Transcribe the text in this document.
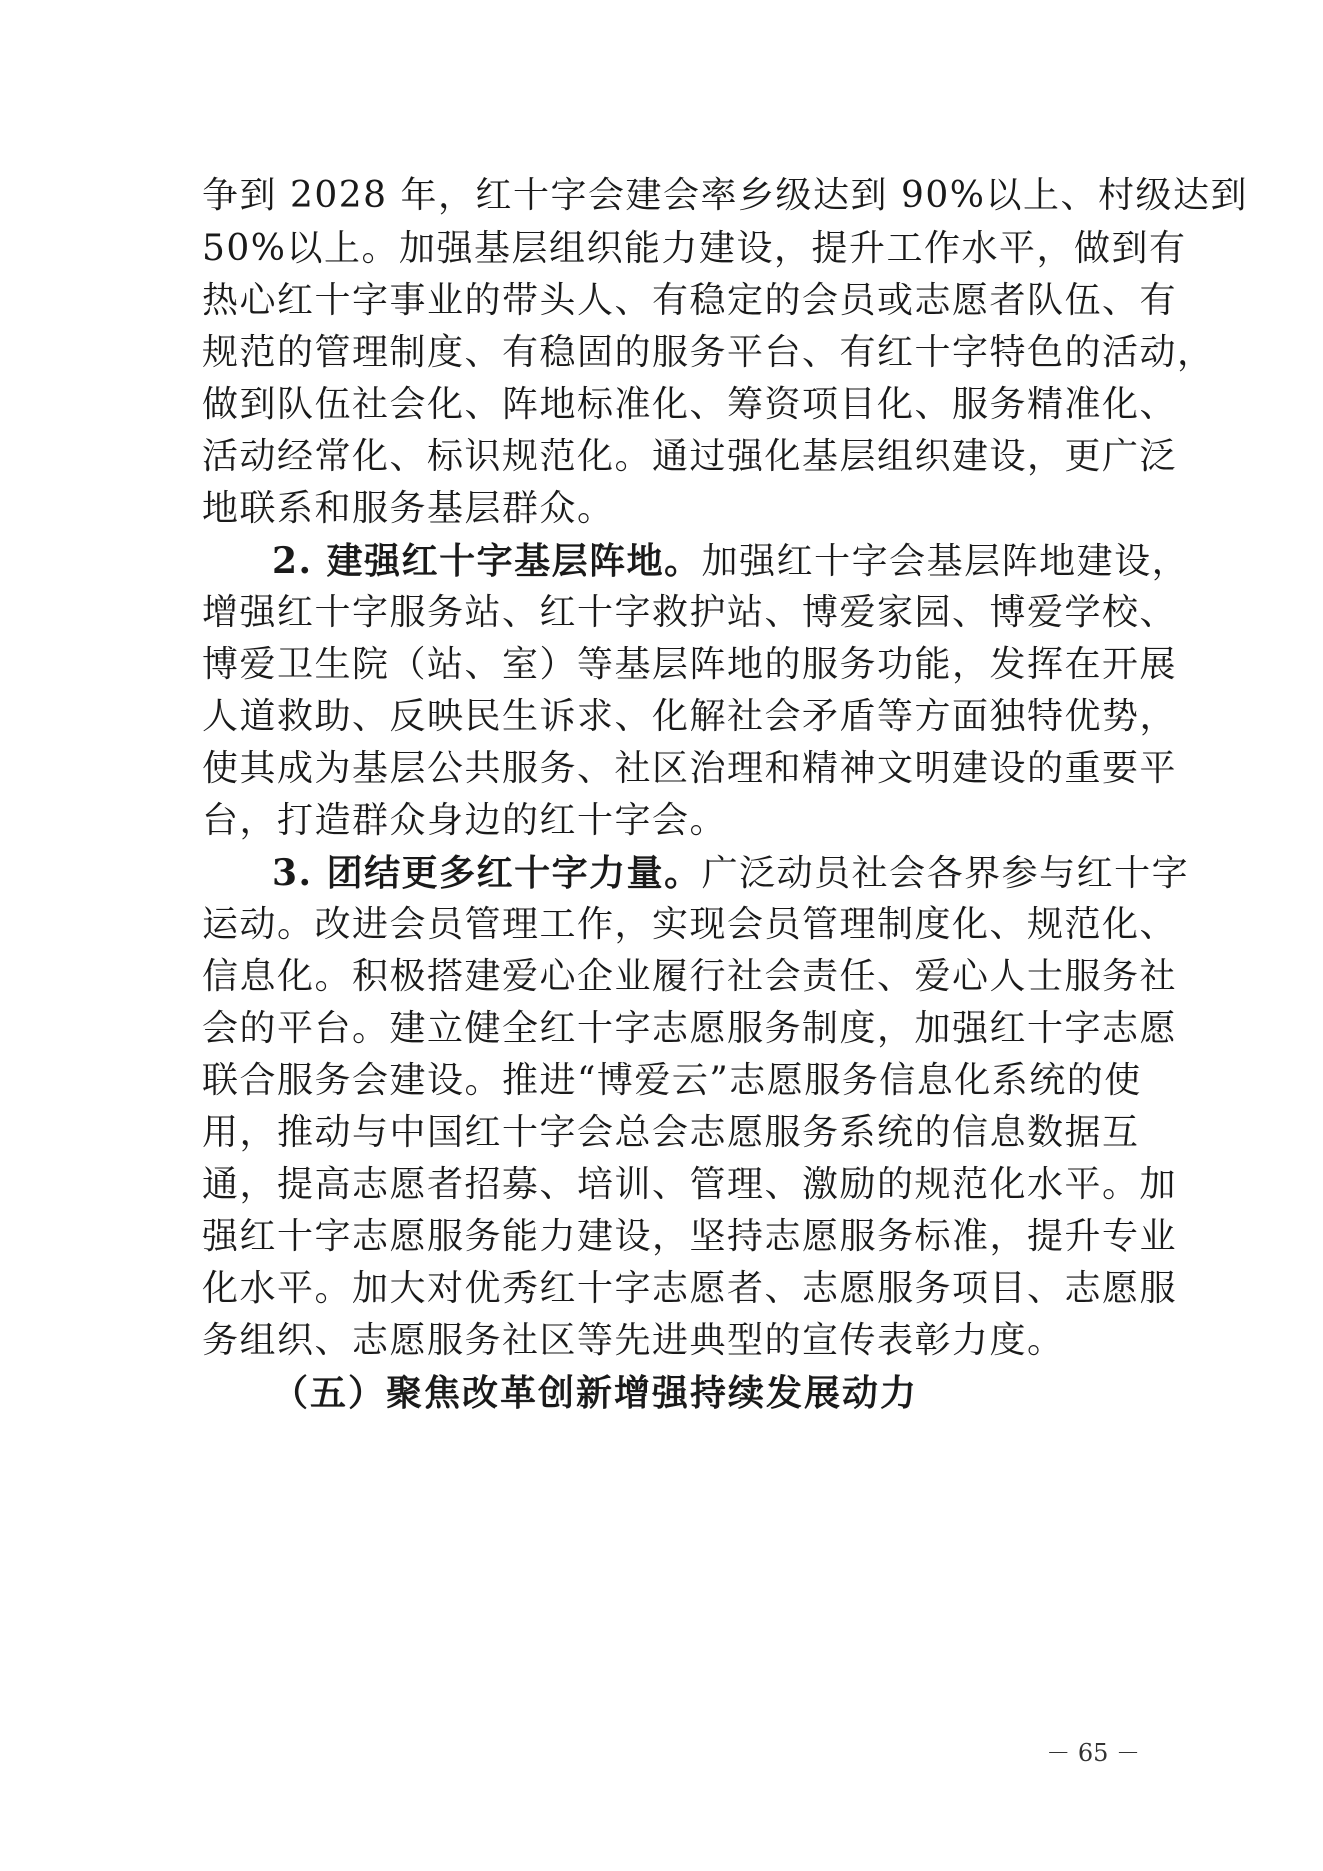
争到 2028 年，红十字会建会率乡级达到 90%以上、村级达到
50%以上。加强基层组织能力建设，提升工作水平，做到有
热心红十字事业的带头人、有稳定的会员或志愿者队伍、有
规范的管理制度、有稳固的服务平台、有红十字特色的活动，
做到队伍社会化、阵地标准化、筹资项目化、服务精准化、
活动经常化、标识规范化。通过强化基层组织建设，更广泛
地联系和服务基层群众。
2. 建强红十字基层阵地。加强红十字会基层阵地建设，
增强红十字服务站、红十字救护站、博爱家园、博爱学校、
博爱卫生院（站、室）等基层阵地的服务功能，发挥在开展
人道救助、反映民生诉求、化解社会矛盾等方面独特优势，
使其成为基层公共服务、社区治理和精神文明建设的重要平
台，打造群众身边的红十字会。
3. 团结更多红十字力量。广泛动员社会各界参与红十字
运动。改进会员管理工作，实现会员管理制度化、规范化、
信息化。积极搭建爱心企业履行社会责任、爱心人士服务社
会的平台。建立健全红十字志愿服务制度，加强红十字志愿
联合服务会建设。推进“博爱云”志愿服务信息化系统的使
用，推动与中国红十字会总会志愿服务系统的信息数据互
通，提高志愿者招募、培训、管理、激励的规范化水平。加
强红十字志愿服务能力建设，坚持志愿服务标准，提升专业
化水平。加大对优秀红十字志愿者、志愿服务项目、志愿服
务组织、志愿服务社区等先进典型的宣传表彰力度。
（五）聚焦改革创新增强持续发展动力
－ 65 －
